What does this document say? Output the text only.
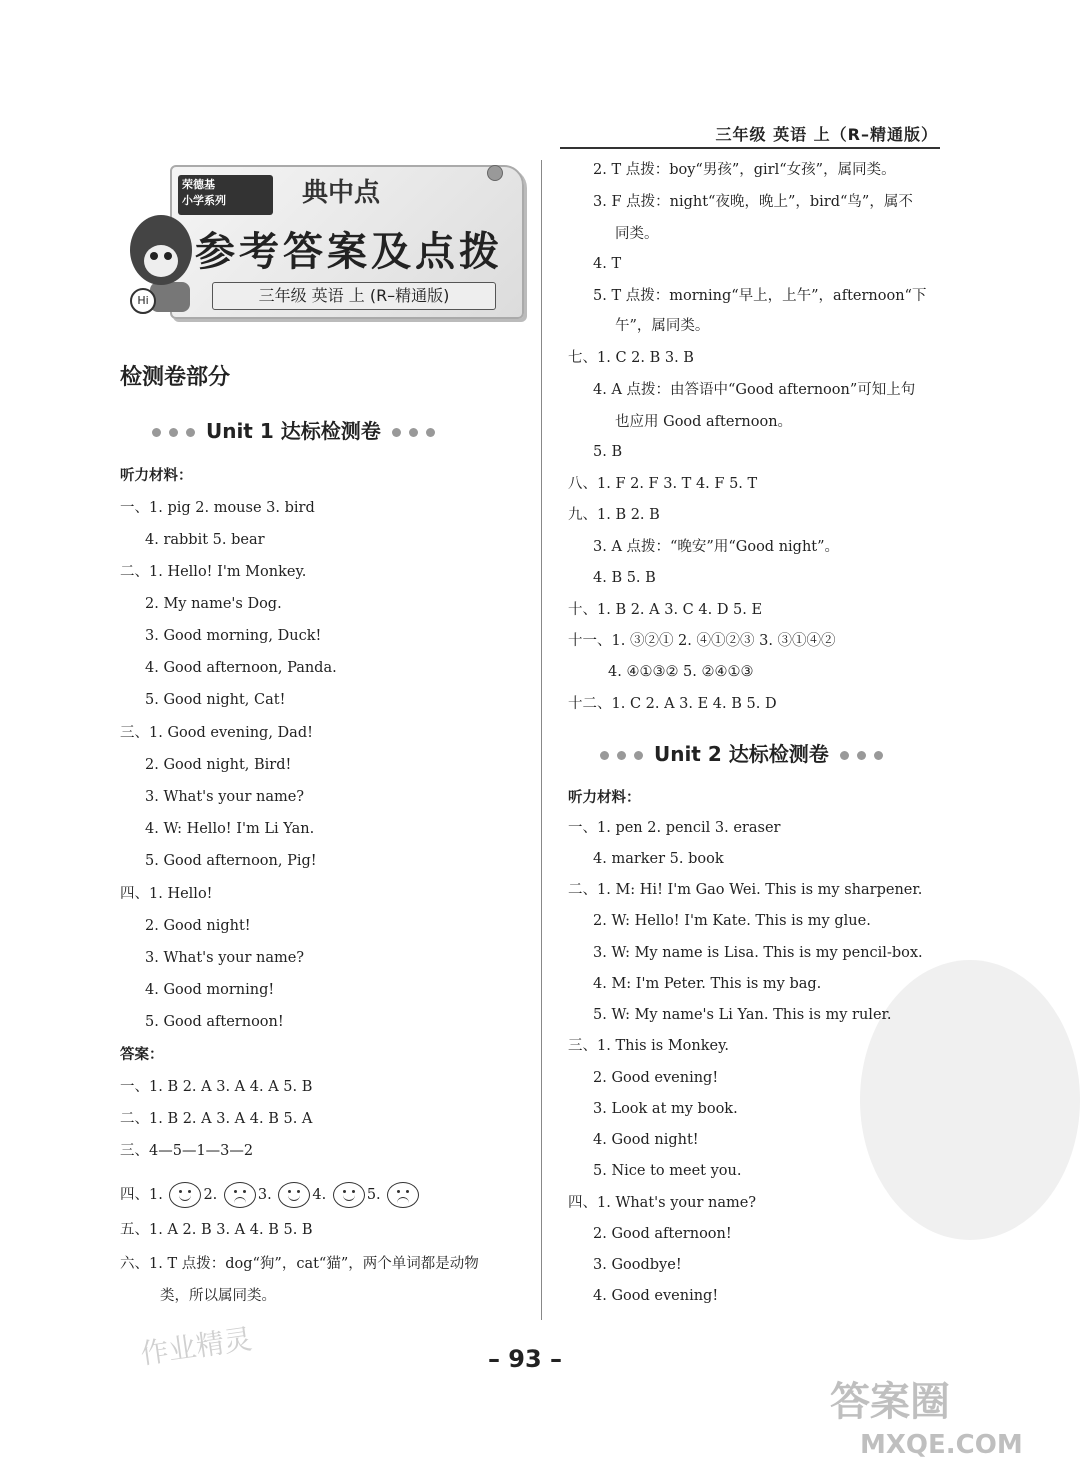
三年级 英语 上（R–精通版）
荣德基
小学系列	典中点
参考答案及点拨
三年级 英语 上 (R–精通版)
Hi
检测卷部分
Unit 1 达标检测卷
听力材料：
一、1. pig 2. mouse 3. bird
4. rabbit 5. bear
二、1. Hello! I'm Monkey.
2. My name's Dog.
3. Good morning, Duck!
4. Good afternoon, Panda.
5. Good night, Cat!
三、1. Good evening, Dad!
2. Good night, Bird!
3. What's your name?
4. W: Hello! I'm Li Yan.
5. Good afternoon, Pig!
四、1. Hello!
2. Good night!
3. What's your name?
4. Good morning!
5. Good afternoon!
答案：
一、1. B 2. A 3. A 4. A 5. B
二、1. B 2. A 3. A 4. B 5. A
三、4—5—1—3—2
四、1.	2.	3.	4.	5.
五、1. A 2. B 3. A 4. B 5. B
六、1. T 点拨：dog“狗”，cat“猫”，两个单词都是动物
类，所以属同类。
2. T 点拨：boy“男孩”，girl“女孩”，属同类。
3. F 点拨：night“夜晚，晚上”，bird“鸟”，属不
同类。
4. T
5. T 点拨：morning“早上，上午”，afternoon“下
午”，属同类。
七、1. C 2. B 3. B
4. A 点拨：由答语中“Good afternoon”可知上句
也应用 Good afternoon。
5. B
八、1. F 2. F 3. T 4. F 5. T
九、1. B 2. B
3. A 点拨：“晚安”用“Good night”。
4. B 5. B
十、1. B 2. A 3. C 4. D 5. E
十一、1. ③②① 2. ④①②③ 3. ③①④②
4. ④①③② 5. ②④①③
十二、1. C 2. A 3. E 4. B 5. D
Unit 2 达标检测卷
听力材料：
一、1. pen 2. pencil 3. eraser
4. marker 5. book
二、1. M: Hi! I'm Gao Wei. This is my sharpener.
2. W: Hello! I'm Kate. This is my glue.
3. W: My name is Lisa. This is my pencil-box.
4. M: I'm Peter. This is my bag.
5. W: My name's Li Yan. This is my ruler.
三、1. This is Monkey.
2. Good evening!
3. Look at my book.
4. Good night!
5. Nice to meet you.
四、1. What's your name?
2. Good afternoon!
3. Goodbye!
4. Good evening!
– 93 –
作业精灵
答案圈
MXQE.COM
